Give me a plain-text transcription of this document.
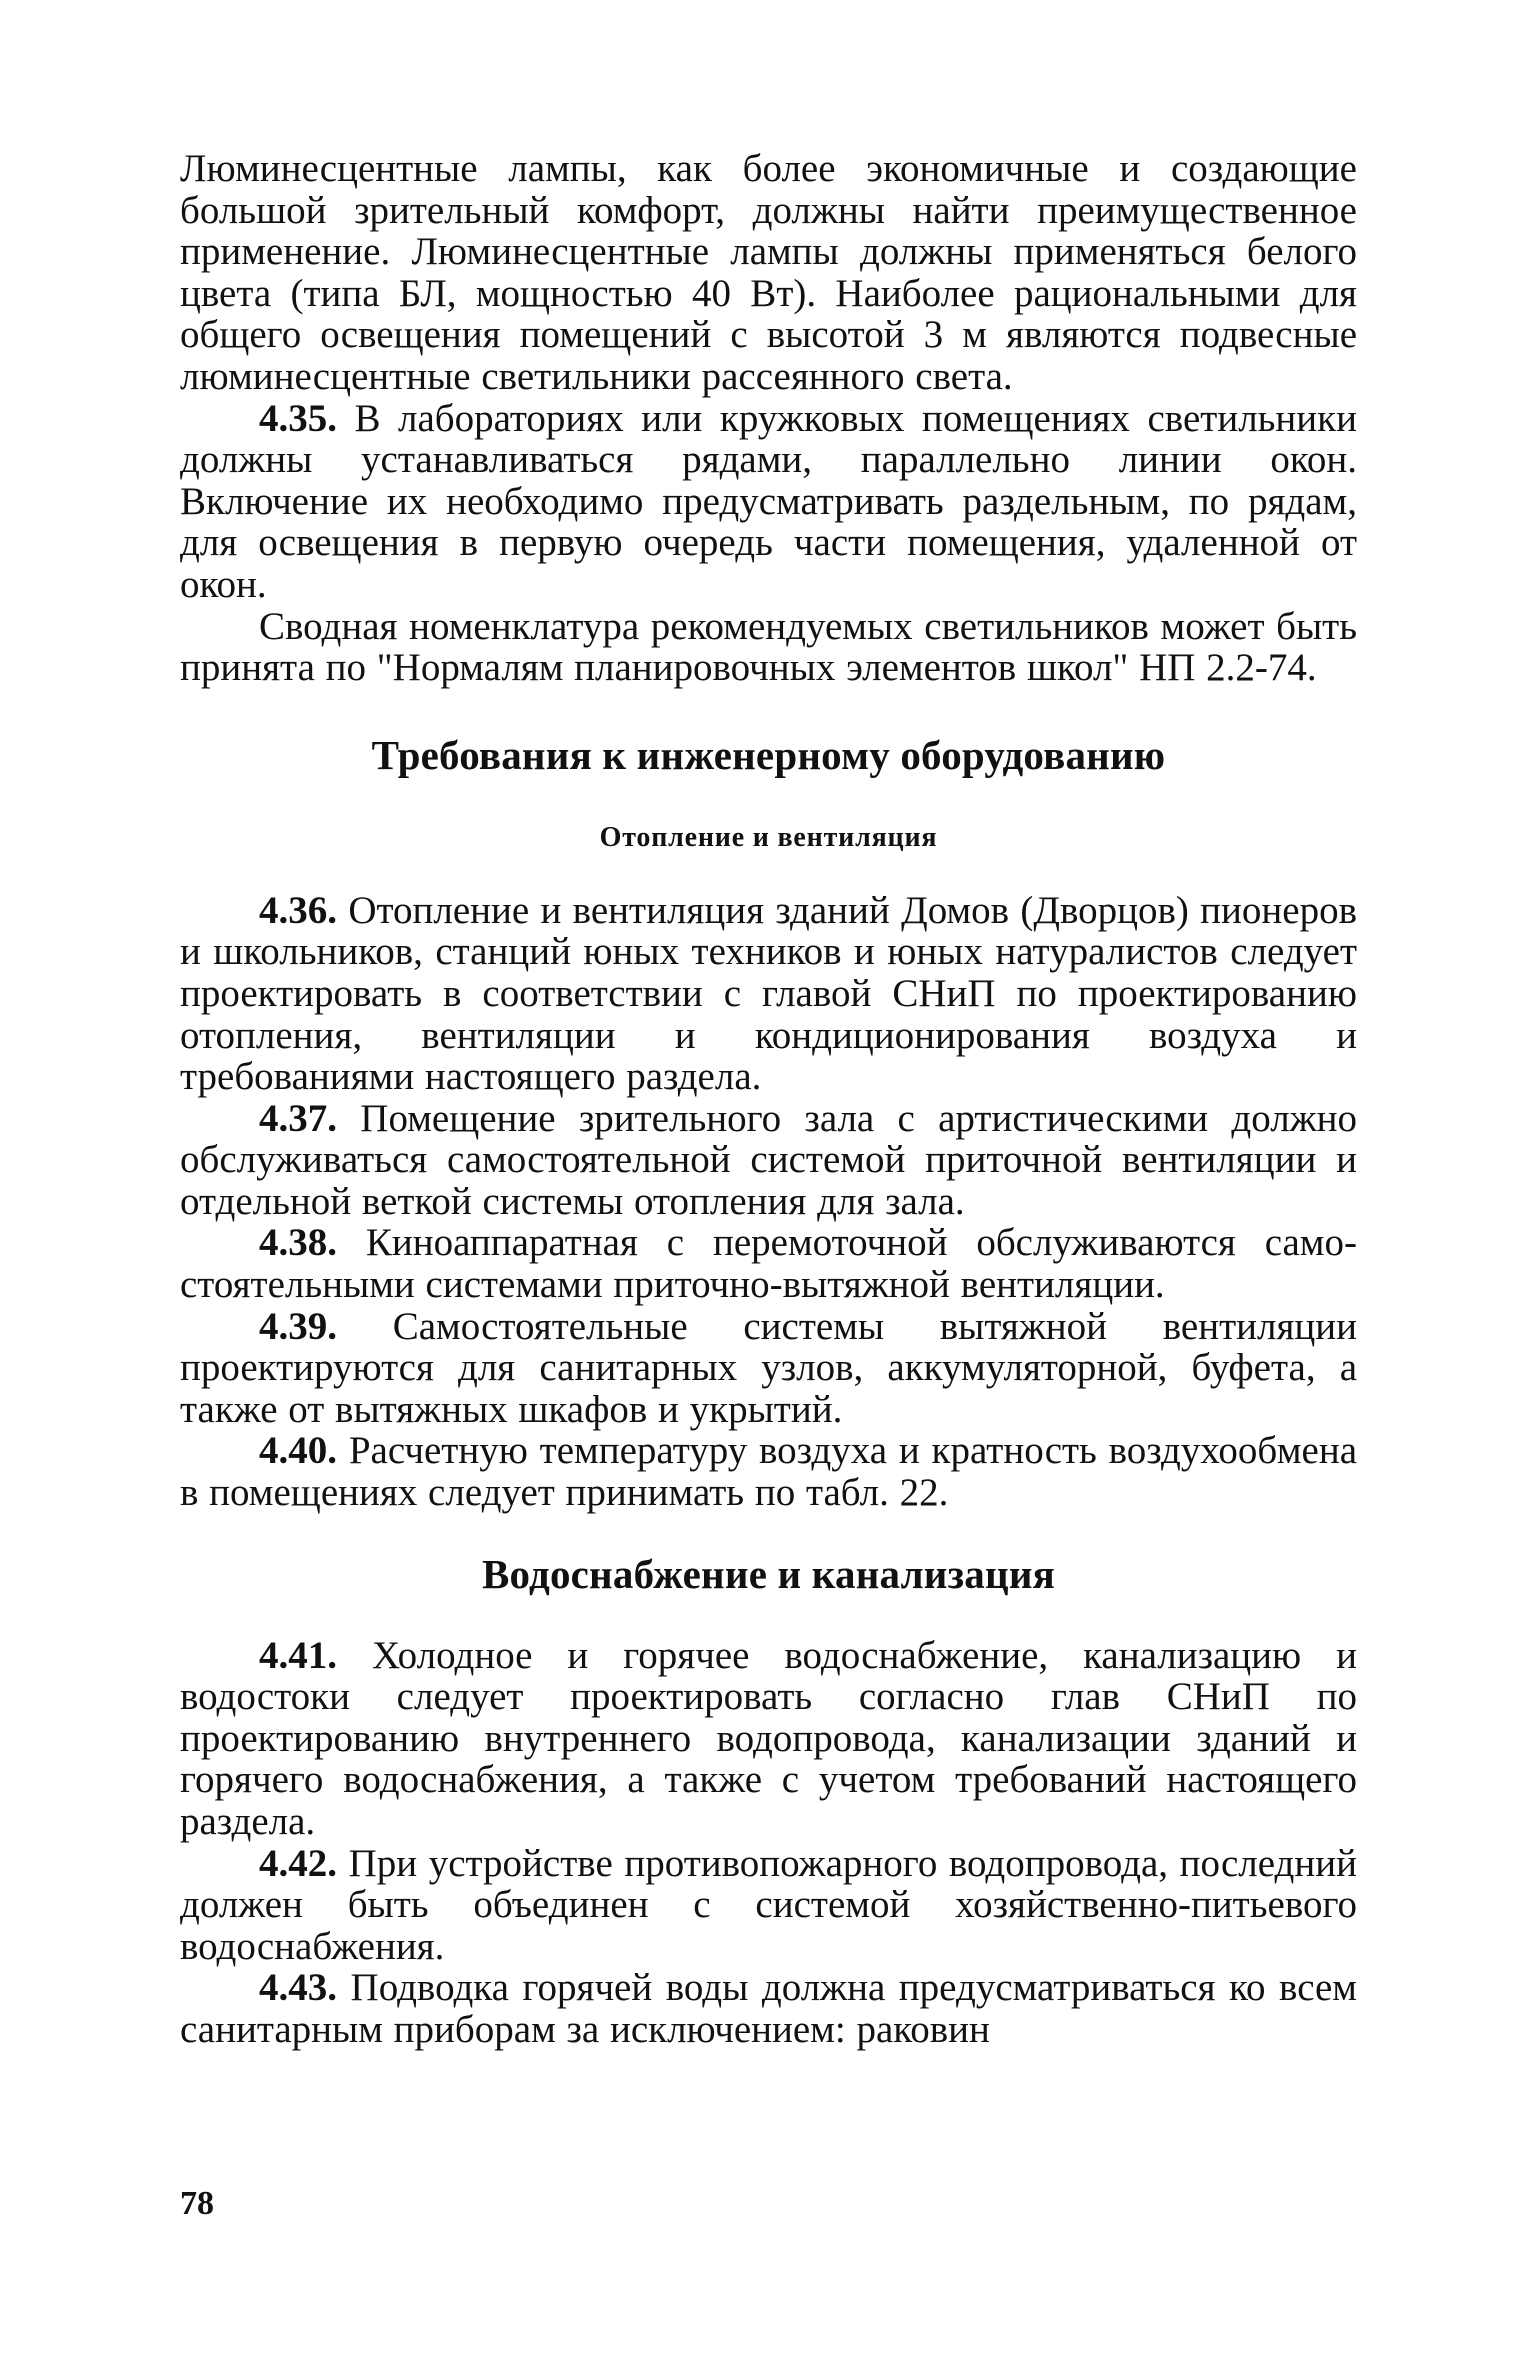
Люминесцентные лампы, как более экономичные и создающие большой зрительный комфорт, должны найти преимущественное применение. Люминесцентные лампы должны применяться белого цвета (типа БЛ, мощностью 40 Вт). Наиболее рациональными для общего освещения помещений с высотой 3 м являются подвесные люминесцентные светильники рассеянного света.

4.35. В лабораториях или кружковых помещениях светильники должны устанавливаться рядами, параллельно линии окон. Включение их необходимо предусматривать раздельным, по рядам, для освещения в первую очередь части помещения, удаленной от окон.

Сводная номенклатура рекомендуемых светильников может быть принята по "Нормалям планировочных элементов школ" НП 2.2-74.

Требования к инженерному оборудованию
Отопление и вентиляция

4.36. Отопление и вентиляция зданий Домов (Дворцов) пионеров и школьников, станций юных техников и юных натуралистов следует проектировать в соответствии с главой СНиП по проектированию отопления, вентиляции и кондиционирования воздуха и требованиями настоящего раздела.

4.37. Помещение зрительного зала с артистическими должно обслуживаться самостоятельной системой приточной вентиляции и отдельной веткой системы отопления для зала.

4.38. Киноаппаратная с перемоточной обслуживаются самостоятельными системами приточно-вытяжной вентиляции.

4.39. Самостоятельные системы вытяжной вентиляции проектируются для санитарных узлов, аккумуляторной, буфета, а также от вытяжных шкафов и укрытий.

4.40. Расчетную температуру воздуха и кратность воздухообмена в помещениях следует принимать по табл. 22.

Водоснабжение и канализация

4.41. Холодное и горячее водоснабжение, канализацию и водостоки следует проектировать согласно глав СНиП по проектированию внутреннего водопровода, канализации зданий и горячего водоснабжения, а также с учетом требований настоящего раздела.

4.42. При устройстве противопожарного водопровода, последний должен быть объединен с системой хозяйственно-питьевого водоснабжения.

4.43. Подводка горячей воды должна предусматриваться ко всем санитарным приборам за исключением: раковин

78
